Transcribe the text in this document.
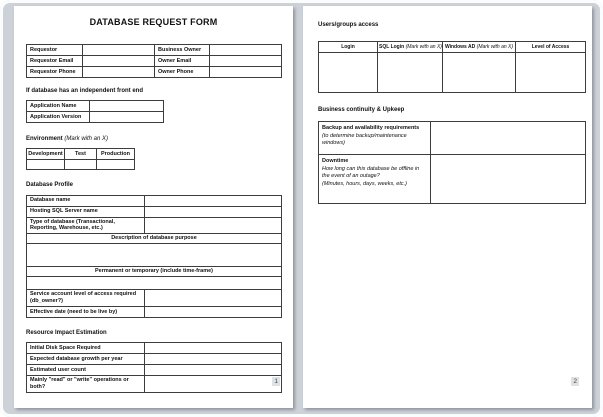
DATABASE REQUEST FORM
Requestor		Business Owner	
Requestor Email		Owner Email	
Requestor Phone		Owner Phone	
If database has an independent front end
Application Name	
Application Version	
Environment (Mark with an X)
Development	Test	Production

Database Profile
Database name	
Hosting SQL Server name	
Type of database (Transactional, Reporting, Warehouse, etc.)	
Description of database purpose	

Permanent or temporary (include time-frame)	

Service account level of access required (db_owner?)	
Effective date (need to be live by)	
Resource Impact Estimation
Initial Disk Space Required	
Expected database growth per year	
Estimated user count	
Mainly "read" or "write" operations or both?	
1
Users/groups access
Login	SQL Login (Mark with an X)	Windows AD (Mark with an X)	Level of Access

Business continuity & Upkeep
Backup and availability requirements
(to determine backup/maintenance windows)	

Downtime
How long can this database be offline in the event of an outage?
(Minutes, hours, days, weeks, etc.)	

2
